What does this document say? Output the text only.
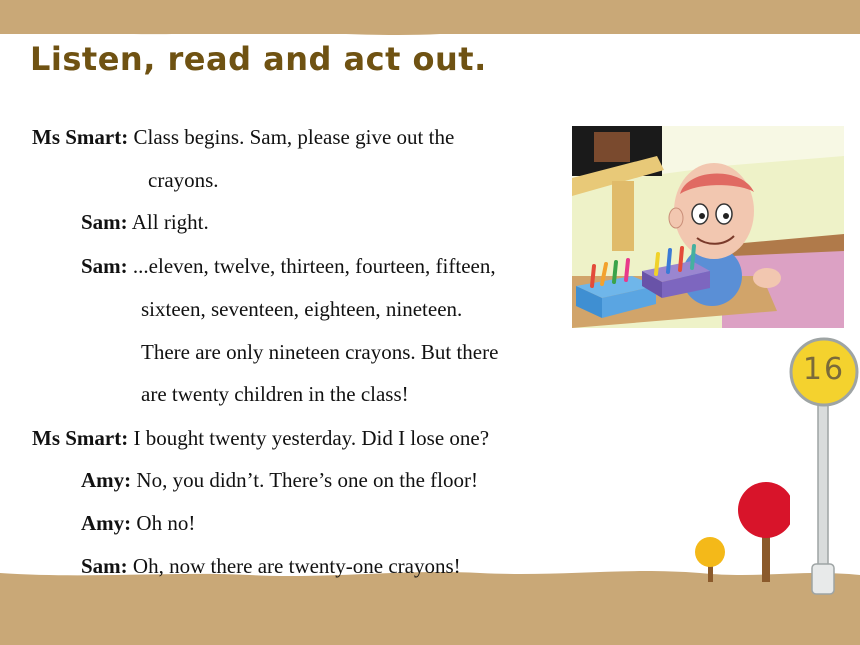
Listen, read and act out.
Ms Smart: Class begins. Sam, please give out the
crayons.
Sam: All right.
Sam: ...eleven, twelve, thirteen, fourteen, fifteen,
sixteen, seventeen, eighteen, nineteen.
There are only nineteen crayons. But there
are twenty children in the class!
Ms Smart: I bought twenty yesterday. Did I lose one?
Amy: No, you didn’t. There’s one on the floor!
Amy: Oh no!
Sam: Oh, now there are twenty-one crayons!
16
